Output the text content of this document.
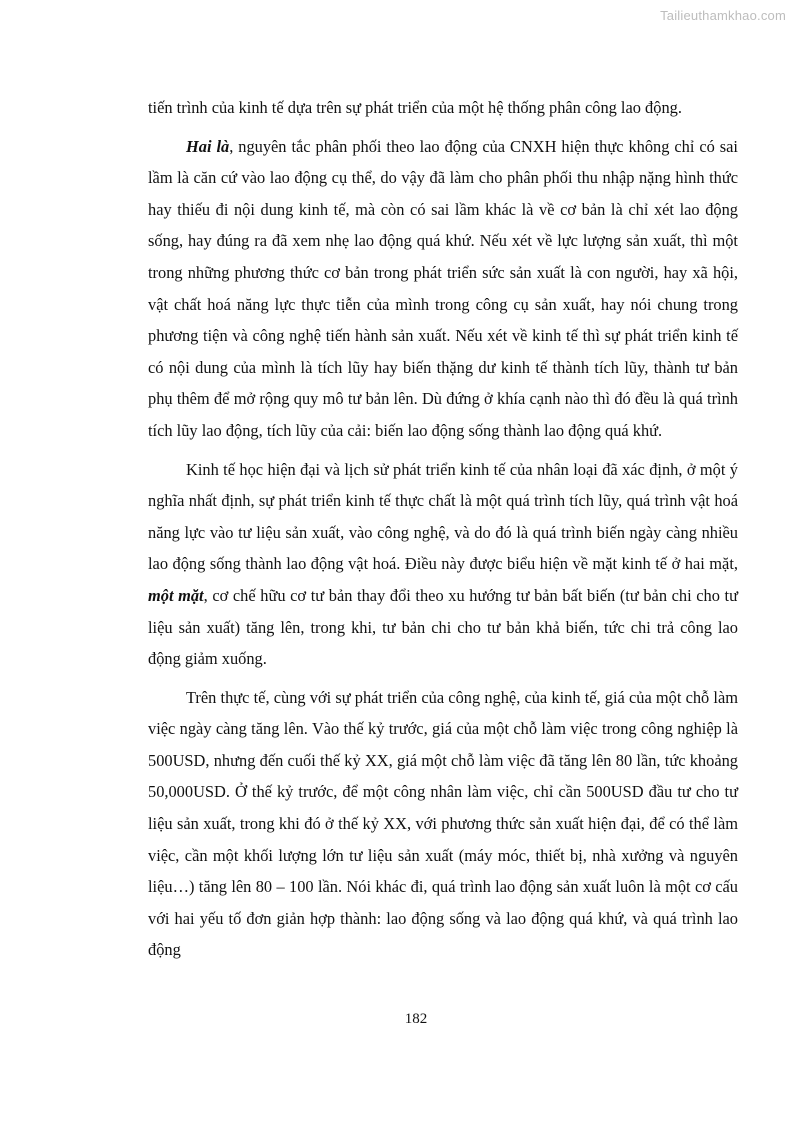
Tailieuthamkhao.com

tiến trình của kinh tế dựa trên sự phát triển của một hệ thống phân công lao động.

Hai là, nguyên tắc phân phối theo lao động của CNXH hiện thực không chỉ có sai lầm là căn cứ vào lao động cụ thể, do vậy đã làm cho phân phối thu nhập nặng hình thức hay thiếu đi nội dung kinh tế, mà còn có sai lầm khác là về cơ bản là chỉ xét lao động sống, hay đúng ra đã xem nhẹ lao động quá khứ. Nếu xét về lực lượng sản xuất, thì một trong những phương thức cơ bản trong phát triển sức sản xuất là con người, hay xã hội, vật chất hoá năng lực thực tiễn của mình trong công cụ sản xuất, hay nói chung trong phương tiện và công nghệ tiến hành sản xuất. Nếu xét về kinh tế thì sự phát triển kinh tế có nội dung của mình là tích lũy hay biến thặng dư kinh tế thành tích lũy, thành tư bản phụ thêm để mở rộng quy mô tư bản lên. Dù đứng ở khía cạnh nào thì đó đều là quá trình tích lũy lao động, tích lũy của cải: biến lao động sống thành lao động quá khứ.

Kinh tế học hiện đại và lịch sử phát triển kinh tế của nhân loại đã xác định, ở một ý nghĩa nhất định, sự phát triển kinh tế thực chất là một quá trình tích lũy, quá trình vật hoá năng lực vào tư liệu sản xuất, vào công nghệ, và do đó là quá trình biến ngày càng nhiều lao động sống thành lao động vật hoá. Điều này được biểu hiện về mặt kinh tế ở hai mặt, một mặt, cơ chế hữu cơ tư bản thay đổi theo xu hướng tư bản bất biến (tư bản chi cho tư liệu sản xuất) tăng lên, trong khi, tư bản chi cho tư bản khả biến, tức chi trả công lao động giảm xuống.

Trên thực tế, cùng với sự phát triển của công nghệ, của kinh tế, giá của một chỗ làm việc ngày càng tăng lên. Vào thế kỷ trước, giá của một chỗ làm việc trong công nghiệp là 500USD, nhưng đến cuối thế kỷ XX, giá một chỗ làm việc đã tăng lên 80 lần, tức khoảng 50,000USD. Ở thế kỷ trước, để một công nhân làm việc, chỉ cần 500USD đầu tư cho tư liệu sản xuất, trong khi đó ở thế kỷ XX, với phương thức sản xuất hiện đại, để có thể làm việc, cần một khối lượng lớn tư liệu sản xuất (máy móc, thiết bị, nhà xưởng và nguyên liệu…) tăng lên 80 – 100 lần. Nói khác đi, quá trình lao động sản xuất luôn là một cơ cấu với hai yếu tố đơn giản hợp thành: lao động sống và lao động quá khứ, và quá trình lao động

182
